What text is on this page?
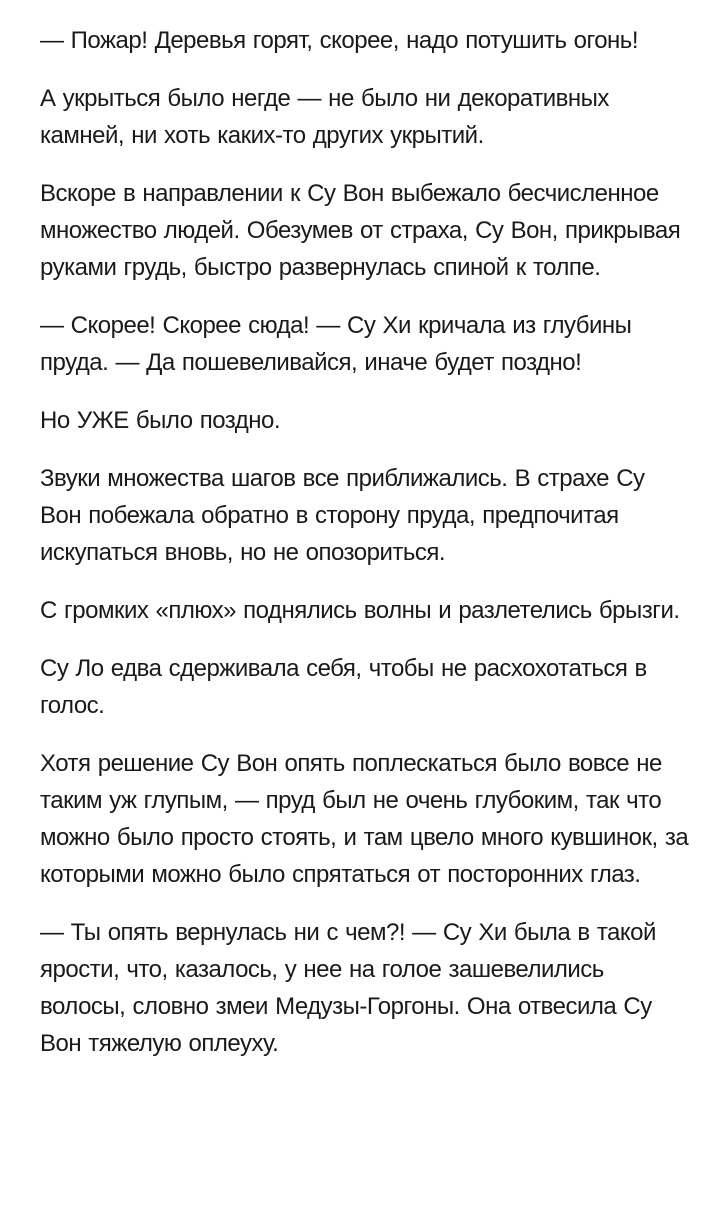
— Пожар! Деревья горят, скорее, надо потушить огонь!

А укрыться было негде — не было ни декоративных камней, ни хоть каких-то других укрытий.

Вскоре в направлении к Су Вон выбежало бесчисленное множество людей. Обезумев от страха, Су Вон, прикрывая руками грудь, быстро развернулась спиной к толпе.

— Скорее! Скорее сюда! — Су Хи кричала из глубины пруда. — Да пошевеливайся, иначе будет поздно!

Но УЖЕ было поздно.

Звуки множества шагов все приближались. В страхе Су Вон побежала обратно в сторону пруда, предпочитая искупаться вновь, но не опозориться.

С громких «плюх» поднялись волны и разлетелись брызги.

Су Ло едва сдерживала себя, чтобы не расхохотаться в голос.

Хотя решение Су Вон опять поплескаться было вовсе не таким уж глупым, — пруд был не очень глубоким, так что можно было просто стоять, и там цвело много кувшинок, за которыми можно было спрятаться от посторонних глаз.

— Ты опять вернулась ни с чем?! — Су Хи была в такой ярости, что, казалось, у нее на голое зашевелились волосы, словно змеи Медузы-Горгоны. Она отвесила Су Вон тяжелую оплеуху.
